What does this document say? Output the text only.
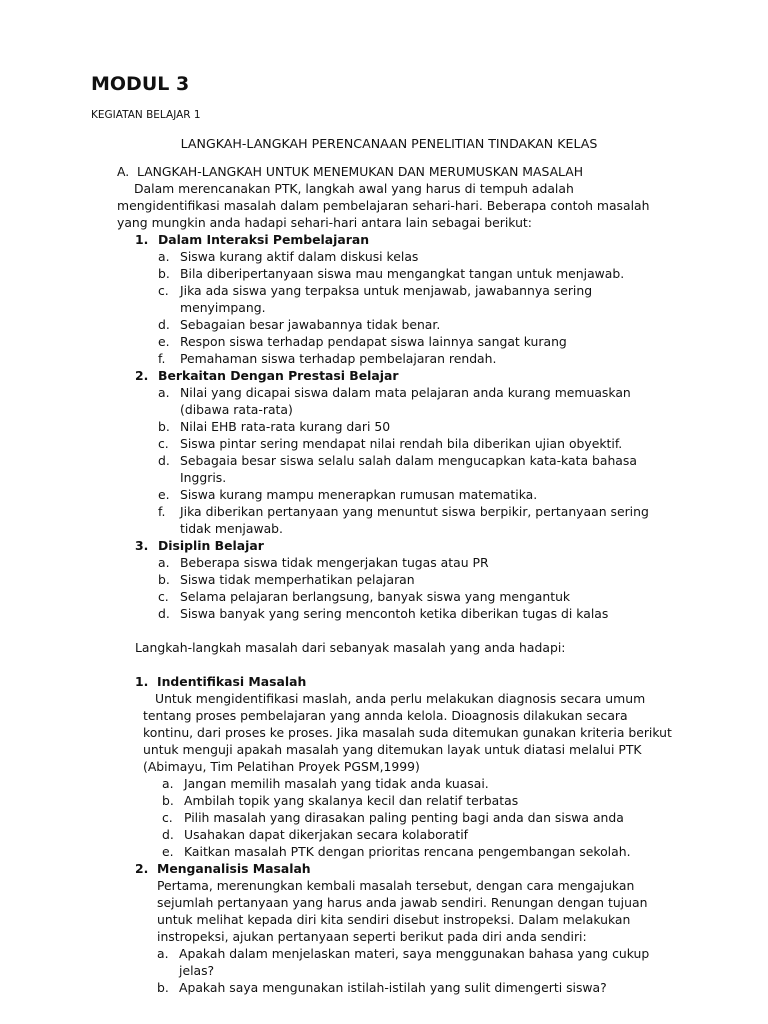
MODUL 3

KEGIATAN BELAJAR 1

LANGKAH-LANGKAH PERENCANAAN PENELITIAN TINDAKAN KELAS

A. LANGKAH-LANGKAH UNTUK MENEMUKAN DAN MERUMUSKAN MASALAH

Dalam merencanakan PTK, langkah awal yang harus di tempuh adalah mengidentifikasi masalah dalam pembelajaran sehari-hari. Beberapa contoh masalah yang mungkin anda hadapi sehari-hari antara lain sebagai berikut:

1. Dalam Interaksi Pembelajaran
a. Siswa kurang aktif dalam diskusi kelas
b. Bila diberipertanyaan siswa mau mengangkat tangan untuk menjawab.
c. Jika ada siswa yang terpaksa untuk menjawab, jawabannya sering menyimpang.
d. Sebagaian besar jawabannya tidak benar.
e. Respon siswa terhadap pendapat siswa lainnya sangat kurang
f. Pemahaman siswa terhadap pembelajaran rendah.
2. Berkaitan Dengan Prestasi Belajar
a. Nilai yang dicapai siswa dalam mata pelajaran anda kurang memuaskan (dibawa rata-rata)
b. Nilai EHB rata-rata kurang dari 50
c. Siswa pintar sering mendapat nilai rendah bila diberikan ujian obyektif.
d. Sebagaia besar siswa selalu salah dalam mengucapkan kata-kata bahasa Inggris.
e. Siswa kurang mampu menerapkan rumusan matematika.
f. Jika diberikan pertanyaan yang menuntut siswa berpikir, pertanyaan sering tidak menjawab.
3. Disiplin Belajar
a. Beberapa siswa tidak mengerjakan tugas atau PR
b. Siswa tidak memperhatikan pelajaran
c. Selama pelajaran berlangsung, banyak siswa yang mengantuk
d. Siswa banyak yang sering mencontoh ketika diberikan tugas di kalas

Langkah-langkah masalah dari sebanyak masalah yang anda hadapi:

1. Indentifikasi Masalah

Untuk mengidentifikasi maslah, anda perlu melakukan diagnosis secara umum tentang proses pembelajaran yang annda kelola. Dioagnosis dilakukan secara kontinu, dari proses ke proses. Jika masalah suda ditemukan gunakan kriteria berikut untuk menguji apakah masalah yang ditemukan layak untuk diatasi melalui PTK (Abimayu, Tim Pelatihan Proyek PGSM,1999)

a. Jangan memilih masalah yang tidak anda kuasai.
b. Ambilah topik yang skalanya kecil dan relatif terbatas
c. Pilih masalah yang dirasakan paling penting bagi anda dan siswa anda
d. Usahakan dapat dikerjakan secara kolaboratif
e. Kaitkan masalah PTK dengan prioritas rencana pengembangan sekolah.
2. Menganalisis Masalah

Pertama, merenungkan kembali masalah tersebut, dengan cara mengajukan sejumlah pertanyaan yang harus anda jawab sendiri. Renungan dengan tujuan untuk melihat kepada diri kita sendiri disebut instropeksi. Dalam melakukan instropeksi, ajukan pertanyaan seperti berikut pada diri anda sendiri:

a. Apakah dalam menjelaskan materi, saya menggunakan bahasa yang cukup jelas?
b. Apakah saya mengunakan istilah-istilah yang sulit dimengerti siswa?
